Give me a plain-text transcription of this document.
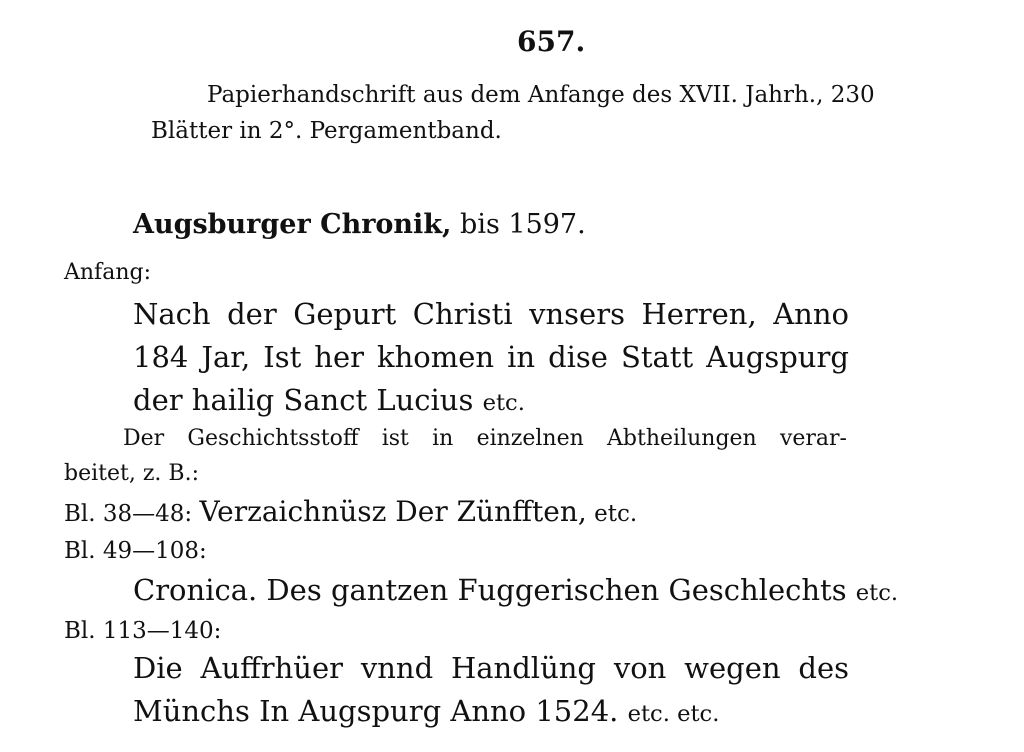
657.
Papierhandschrift aus dem Anfange des XVII. Jahrh., 230
Blätter in 2°. Pergamentband.
Augsburger Chronik, bis 1597.
Anfang:
Nach der Gepurt Christi vnsers Herren, Anno
184 Jar, Ist her khomen in dise Statt Augspurg
der hailig Sanct Lucius etc.
Der Geschichtsstoff ist in einzelnen Abtheilungen verar-
beitet, z. B.:
Bl. 38—48: Verzaichnüsz Der Zünfften, etc.
Bl. 49—108:
Cronica. Des gantzen Fuggerischen Geschlechts etc.
Bl. 113—140:
Die Auffrhüer vnnd Handlüng von wegen des
Münchs In Augspurg Anno 1524. etc. etc.
